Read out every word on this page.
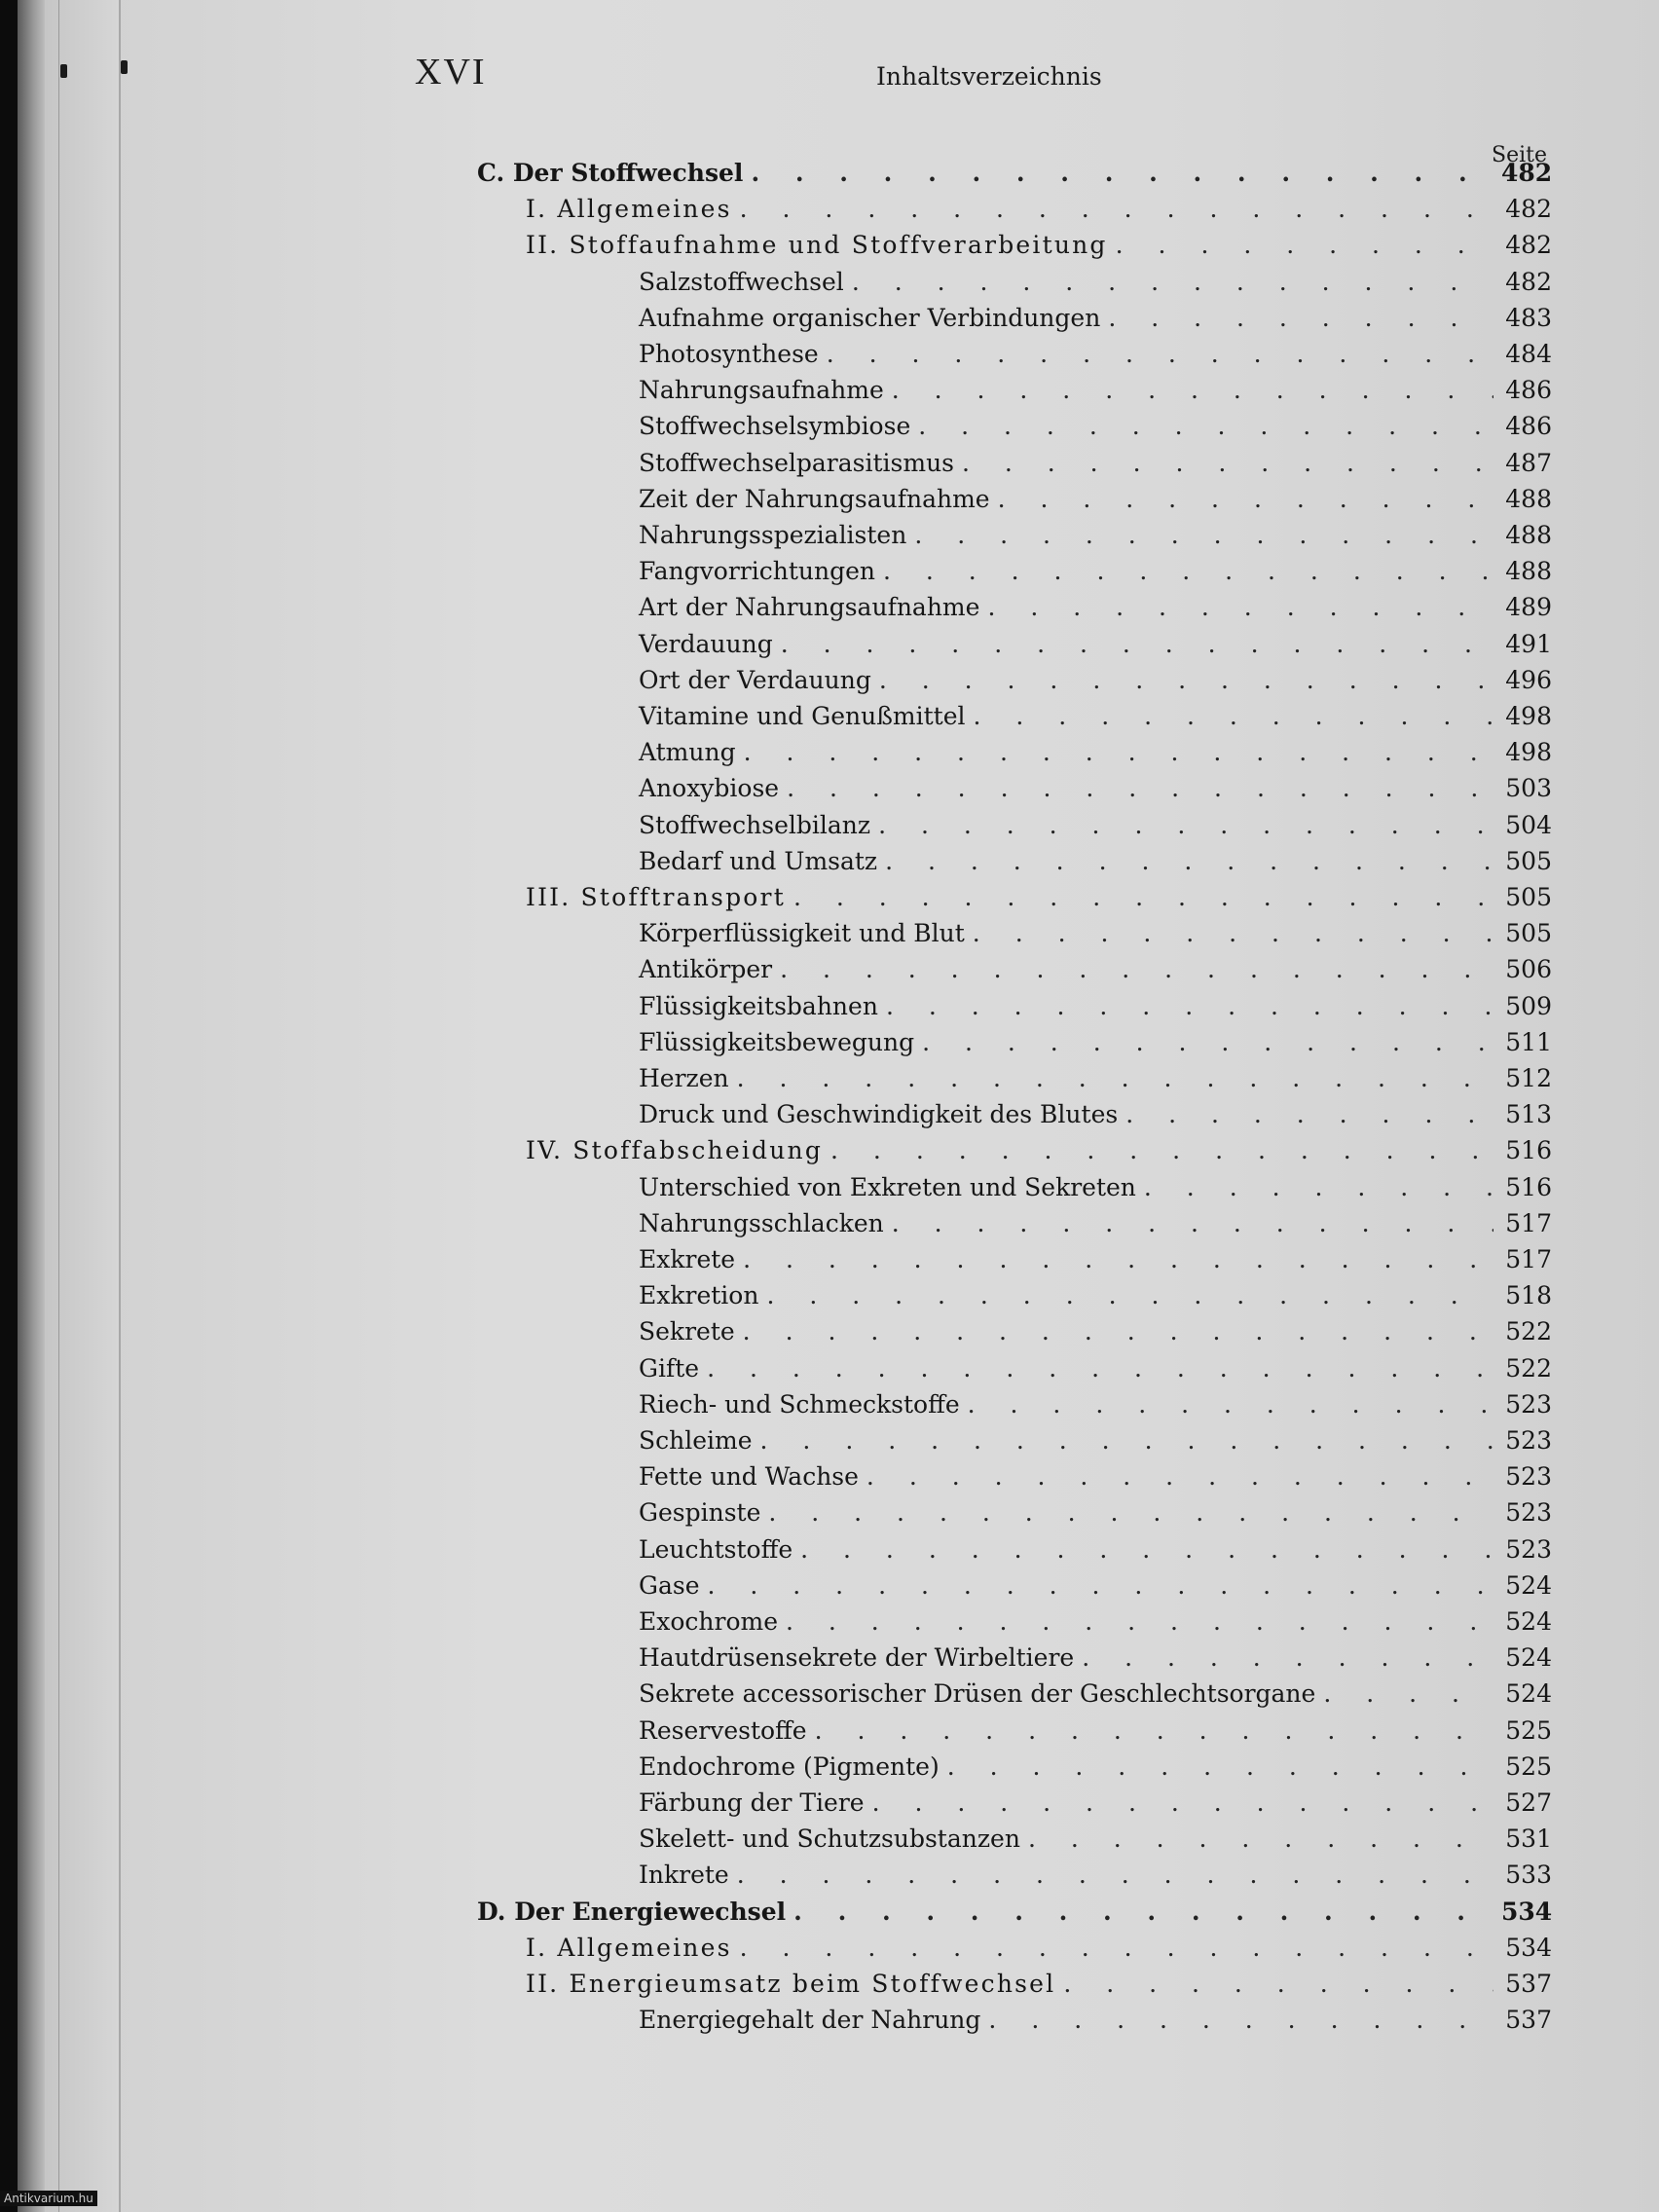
XVI	Inhaltsverzeichnis
Seite
C. Der Stoffwechsel . . .	482
I. Allgemeines . . .	482
II. Stoffaufnahme und Stoffverarbeitung . . .	482
Salzstoffwechsel . . .	482
Aufnahme organischer Verbindungen . . .	483
Photosynthese . . .	484
Nahrungsaufnahme . . .	486
Stoffwechselsymbiose . . .	486
Stoffwechselparasitismus . . .	487
Zeit der Nahrungsaufnahme . . .	488
Nahrungsspezialisten . . .	488
Fangvorrichtungen . . .	488
Art der Nahrungsaufnahme . . .	489
Verdauung . . .	491
Ort der Verdauung . . .	496
Vitamine und Genußmittel . . .	498
Atmung . . .	498
Anoxybiose . . .	503
Stoffwechselbilanz . . .	504
Bedarf und Umsatz . . .	505
III. Stofftransport . . .	505
Körperflüssigkeit und Blut . . .	505
Antikörper . . .	506
Flüssigkeitsbahnen . . .	509
Flüssigkeitsbewegung . . .	511
Herzen . . .	512
Druck und Geschwindigkeit des Blutes . . .	513
IV. Stoffabscheidung . . .	516
Unterschied von Exkreten und Sekreten . . .	516
Nahrungsschlacken . . .	517
Exkrete . . .	517
Exkretion . . .	518
Sekrete . . .	522
Gifte . . .	522
Riech- und Schmeckstoffe . . .	523
Schleime . . .	523
Fette und Wachse . . .	523
Gespinste . . .	523
Leuchtstoffe . . .	523
Gase . . .	524
Exochrome . . .	524
Hautdrüsensekrete der Wirbeltiere . . .	524
Sekrete accessorischer Drüsen der Geschlechtsorgane . . .	524
Reservestoffe . . .	525
Endochrome (Pigmente) . . .	525
Färbung der Tiere . . .	527
Skelett- und Schutzsubstanzen . . .	531
Inkrete . . .	533
D. Der Energiewechsel . . .	534
I. Allgemeines . . .	534
II. Energieumsatz beim Stoffwechsel . . .	537
Energiegehalt der Nahrung . . .	537
Antikvarium.hu
